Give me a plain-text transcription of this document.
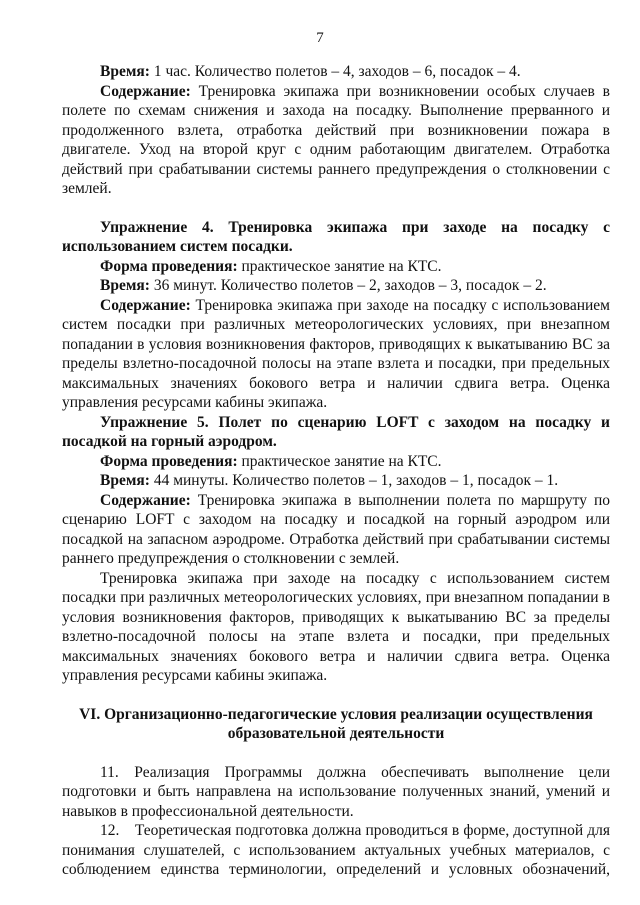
7

Время: 1 час. Количество полетов – 4, заходов – 6, посадок – 4.

Содержание: Тренировка экипажа при возникновении особых случаев в полете по схемам снижения и захода на посадку. Выполнение прерванного и продолженного взлета, отработка действий при возникновении пожара в двигателе. Уход на второй круг с одним работающим двигателем. Отработка действий при срабатывании системы раннего предупреждения о столкновении с землей.

Упражнение 4. Тренировка экипажа при заходе на посадку с использованием систем посадки.

Форма проведения: практическое занятие на КТС.

Время: 36 минут. Количество полетов – 2, заходов – 3, посадок – 2.

Содержание: Тренировка экипажа при заходе на посадку с использованием систем посадки при различных метеорологических условиях, при внезапном попадании в условия возникновения факторов, приводящих к выкатыванию ВС за пределы взлетно-посадочной полосы на этапе взлета и посадки, при предельных максимальных значениях бокового ветра и наличии сдвига ветра. Оценка управления ресурсами кабины экипажа.

Упражнение 5. Полет по сценарию LOFT с заходом на посадку и посадкой на горный аэродром.

Форма проведения: практическое занятие на КТС.

Время: 44 минуты. Количество полетов – 1, заходов – 1, посадок – 1.

Содержание: Тренировка экипажа в выполнении полета по маршруту по сценарию LOFT с заходом на посадку и посадкой на горный аэродром или посадкой на запасном аэродроме. Отработка действий при срабатывании системы раннего предупреждения о столкновении с землей.

Тренировка экипажа при заходе на посадку с использованием систем посадки при различных метеорологических условиях, при внезапном попадании в условия возникновения факторов, приводящих к выкатыванию ВС за пределы взлетно-посадочной полосы на этапе взлета и посадки, при предельных максимальных значениях бокового ветра и наличии сдвига ветра. Оценка управления ресурсами кабины экипажа.

VI. Организационно-педагогические условия реализации осуществления
образовательной деятельности

11. Реализация Программы должна обеспечивать выполнение цели подготовки и быть направлена на использование полученных знаний, умений и навыков в профессиональной деятельности.

12. Теоретическая подготовка должна проводиться в форме, доступной для понимания слушателей, с использованием актуальных учебных материалов, с соблюдением единства терминологии, определений и условных обозначений,
